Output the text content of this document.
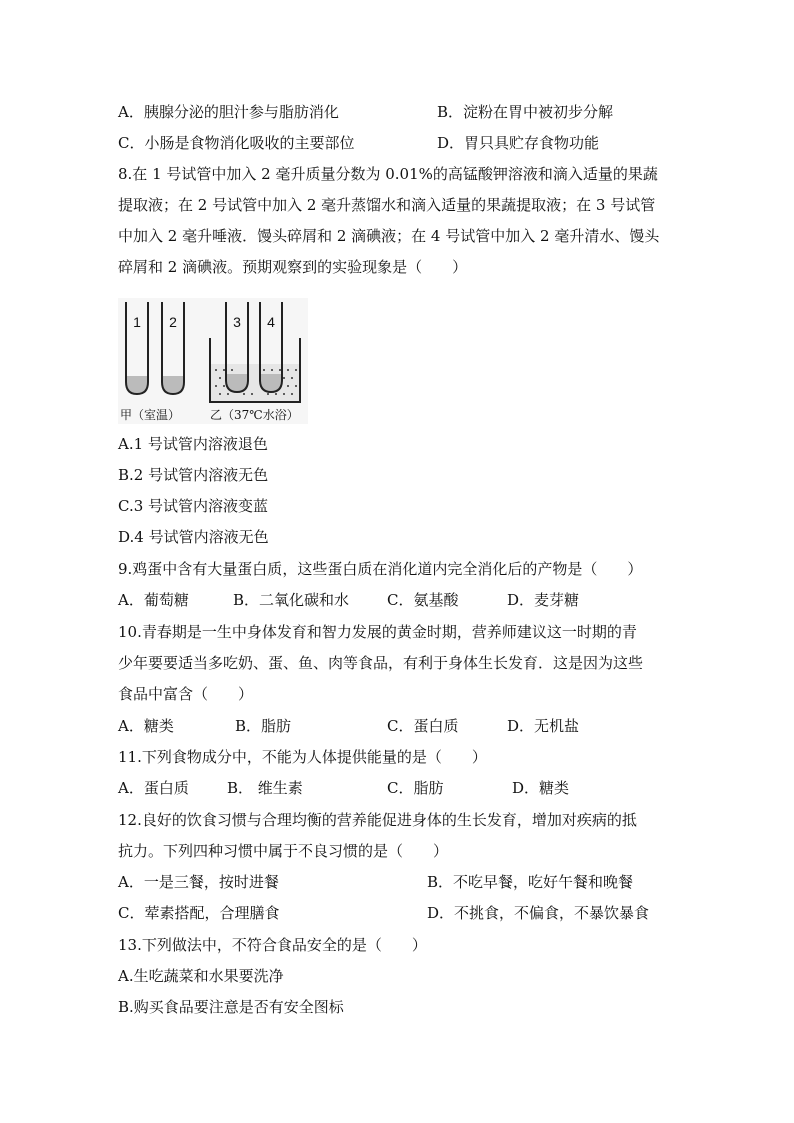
A．胰腺分泌的胆汁参与脂肪消化	B．淀粉在胃中被初步分解
C．小肠是食物消化吸收的主要部位	D．胃只具贮存食物功能
8.在 1 号试管中加入 2 毫升质量分数为 0.01%的高锰酸钾溶液和滴入适量的果蔬
提取液；在 2 号试管中加入 2 毫升蒸馏水和滴入适量的果蔬提取液；在 3 号试管
中加入 2 毫升唾液．馒头碎屑和 2 滴碘液；在 4 号试管中加入 2 毫升清水、馒头
碎屑和 2 滴碘液。预期观察到的实验现象是（　　）
1 2	3 4
甲（室温） 乙（37℃水浴）
A.1 号试管内溶液退色
B.2 号试管内溶液无色
C.3 号试管内溶液变蓝
D.4 号试管内溶液无色
9.鸡蛋中含有大量蛋白质，这些蛋白质在消化道内完全消化后的产物是（　　）
A．葡萄糖	B．二氧化碳和水	C．氨基酸	D．麦芽糖
10.青春期是一生中身体发育和智力发展的黄金时期，营养师建议这一时期的青
少年要要适当多吃奶、蛋、鱼、肉等食品，有利于身体生长发育．这是因为这些
食品中富含（　　）
A．糖类	B．脂肪	C．蛋白质	D．无机盐
11.下列食物成分中，不能为人体提供能量的是（　　）
A．蛋白质	B． 维生素	C．脂肪	D．糖类
12.良好的饮食习惯与合理均衡的营养能促进身体的生长发育，增加对疾病的抵
抗力。下列四种习惯中属于不良习惯的是（　　）
A．一是三餐，按时进餐	B．不吃早餐，吃好午餐和晚餐
C．荤素搭配，合理膳食	D．不挑食，不偏食，不暴饮暴食
13.下列做法中，不符合食品安全的是（　　）
A.生吃蔬菜和水果要洗净
B.购买食品要注意是否有安全图标
